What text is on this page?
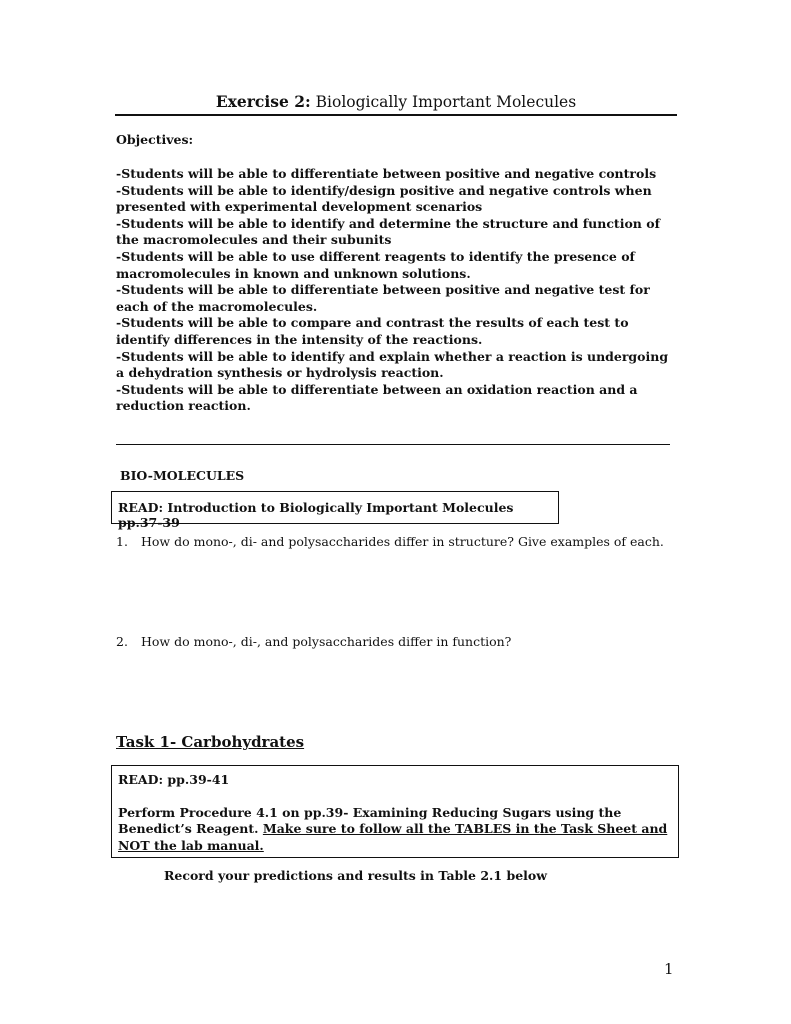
Exercise 2: Biologically Important Molecules
Objectives:
-Students will be able to differentiate between positive and negative controls
-Students will be able to identify/design positive and negative controls when presented with experimental development scenarios
-Students will be able to identify and determine the structure and function of the macromolecules and their subunits
-Students will be able to use different reagents to identify the presence of macromolecules in known and unknown solutions.
-Students will be able to differentiate between positive and negative test for each of the macromolecules.
-Students will be able to compare and contrast the results of each test to identify differences in the intensity of the reactions.
-Students will be able to identify and explain whether a reaction is undergoing a dehydration synthesis or hydrolysis reaction.
-Students will be able to differentiate between an oxidation reaction and a reduction reaction.
BIO-MOLECULES
READ: Introduction to Biologically Important Molecules pp.37-39
1. How do mono-, di- and polysaccharides differ in structure? Give examples of each.
2. How do mono-, di-, and polysaccharides differ in function?
Task 1- Carbohydrates
READ: pp.39-41
Perform Procedure 4.1 on pp.39- Examining Reducing Sugars using the Benedict’s Reagent. Make sure to follow all the TABLES in the Task Sheet and NOT the lab manual.
Record your predictions and results in Table 2.1 below
1
